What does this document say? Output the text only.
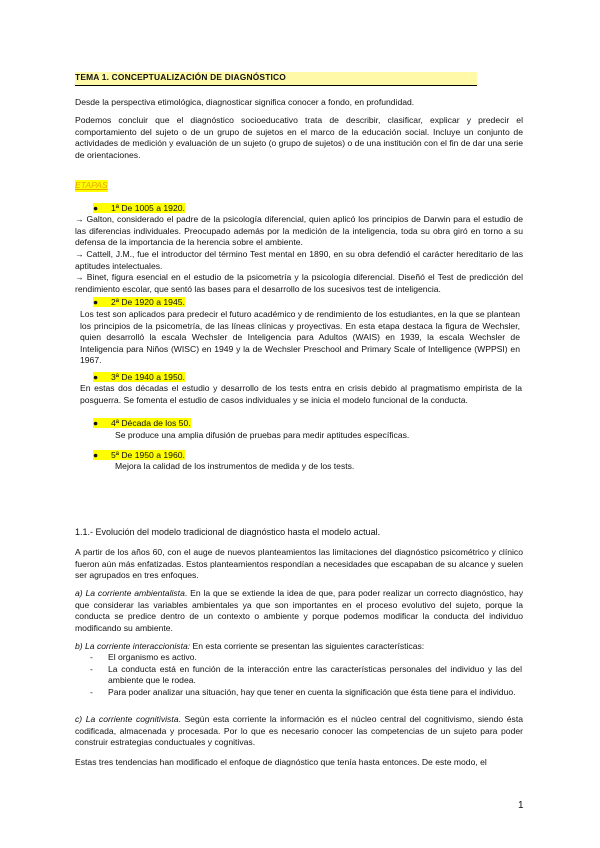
TEMA 1. CONCEPTUALIZACIÓN DE DIAGNÓSTICO

Desde la perspectiva etimológica, diagnosticar significa conocer a fondo, en profundidad.

Podemos concluir que el diagnóstico socioeducativo trata de describir, clasificar, explicar y predecir el comportamiento del sujeto o de un grupo de sujetos en el marco de la educación social. Incluye un conjunto de actividades de medición y evaluación de un sujeto (o grupo de sujetos) o de una institución con el fin de dar una serie de orientaciones.

ETAPAS
● 1ª De 1005 a 1920.

→ Galton, considerado el padre de la psicología diferencial, quien aplicó los principios de Darwin para el estudio de las diferencias individuales. Preocupado además por la medición de la inteligencia, toda su obra giró en torno a su defensa de la importancia de la herencia sobre el ambiente.

→ Cattell, J.M., fue el introductor del término Test mental en 1890, en su obra defendió el carácter hereditario de las aptitudes intelectuales.

→ Binet, figura esencial en el estudio de la psicometría y la psicología diferencial. Diseñó el Test de predicción del rendimiento escolar, que sentó las bases para el desarrollo de los sucesivos test de inteligencia.

● 2ª De 1920 a 1945.

Los test son aplicados para predecir el futuro académico y de rendimiento de los estudiantes, en la que se plantean los principios de la psicometría, de las líneas clínicas y proyectivas. En esta etapa destaca la figura de Wechsler, quien desarrolló la escala Wechsler de Inteligencia para Adultos (WAIS) en 1939, la escala Wechsler de Inteligencia para Niños (WISC) en 1949 y la de Wechsler Preschool and Primary Scale of Intelligence (WPPSI) en 1967.

● 3ª De 1940 a 1950.

En estas dos décadas el estudio y desarrollo de los tests entra en crisis debido al pragmatismo empirista de la posguerra. Se fomenta el estudio de casos individuales y se inicia el modelo funcional de la conducta.

● 4ª Década de los 50.

Se produce una amplia difusión de pruebas para medir aptitudes específicas.

● 5ª De 1950 a 1960.

Mejora la calidad de los instrumentos de medida y de los tests.

1.1.- Evolución del modelo tradicional de diagnóstico hasta el modelo actual.

A partir de los años 60, con el auge de nuevos planteamientos las limitaciones del diagnóstico psicométrico y clínico fueron aún más enfatizadas. Estos planteamientos respondían a necesidades que escapaban de su alcance y suelen ser agrupados en tres enfoques.

a) La corriente ambientalista. En la que se extiende la idea de que, para poder realizar un correcto diagnóstico, hay que considerar las variables ambientales ya que son importantes en el proceso evolutivo del sujeto, porque la conducta se predice dentro de un contexto o ambiente y porque podemos modificar la conducta del individuo modificando su ambiente.

b) La corriente interaccionista: En esta corriente se presentan las siguientes características:

- El organismo es activo.
- La conducta está en función de la interacción entre las características personales del individuo y las del ambiente que le rodea.
- Para poder analizar una situación, hay que tener en cuenta la significación que ésta tiene para el individuo.

c) La corriente cognitivista. Según esta corriente la información es el núcleo central del cognitivismo, siendo ésta codificada, almacenada y procesada. Por lo que es necesario conocer las competencias de un sujeto para poder construir estrategias conductuales y cognitivas.

Estas tres tendencias han modificado el enfoque de diagnóstico que tenía hasta entonces. De este modo, el

1
